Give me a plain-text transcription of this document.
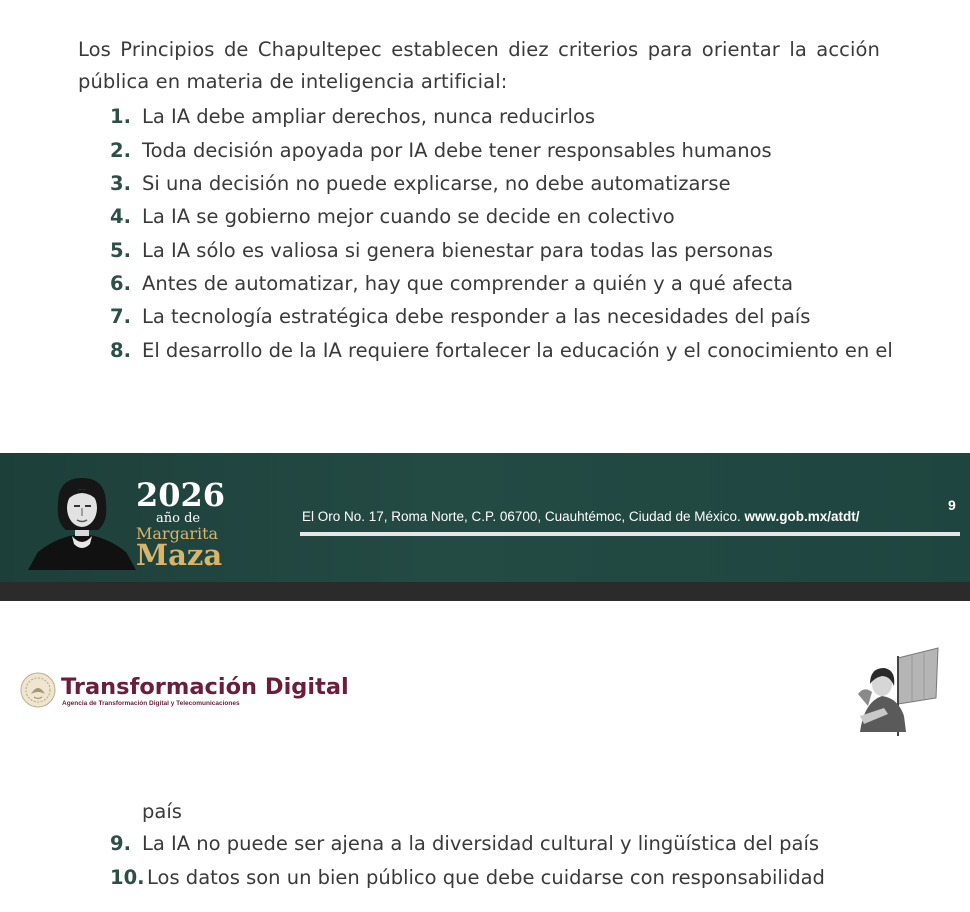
Los Principios de Chapultepec establecen diez criterios para orientar la acción pública en materia de inteligencia artificial:

1. La IA debe ampliar derechos, nunca reducirlos
2. Toda decisión apoyada por IA debe tener responsables humanos
3. Si una decisión no puede explicarse, no debe automatizarse
4. La IA se gobierno mejor cuando se decide en colectivo
5. La IA sólo es valiosa si genera bienestar para todas las personas
6. Antes de automatizar, hay que comprender a quién y a qué afecta
7. La tecnología estratégica debe responder a las necesidades del país
8. El desarrollo de la IA requiere fortalecer la educación y el conocimiento en el
9. La IA no puede ser ajena a la diversidad cultural y lingüística del país
10. Los datos son un bien público que debe cuidarse con responsabilidad
país
2026
año de
Margarita
Maza
El Oro No. 17, Roma Norte, C.P. 06700, Cuauhtémoc, Ciudad de México. www.gob.mx/atdt/
9
Transformación Digital
Agencia de Transformación Digital y Telecomunicaciones
